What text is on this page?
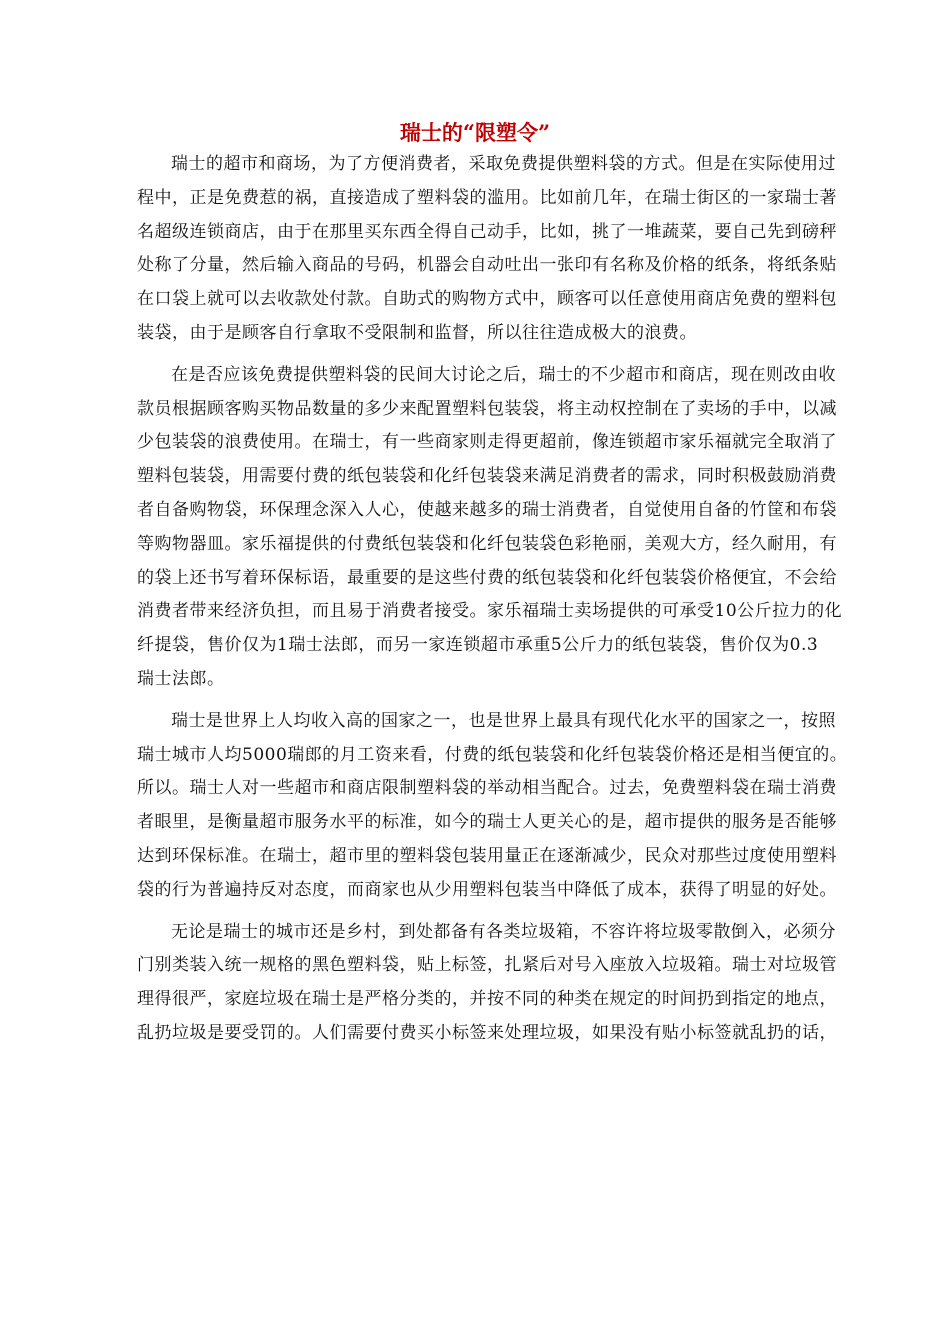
瑞士的“限塑令”
瑞士的超市和商场，为了方便消费者，采取免费提供塑料袋的方式。但是在实际使用过
程中，正是免费惹的祸，直接造成了塑料袋的滥用。比如前几年，在瑞士街区的一家瑞士著
名超级连锁商店，由于在那里买东西全得自己动手，比如，挑了一堆蔬菜，要自己先到磅秤
处称了分量，然后输入商品的号码，机器会自动吐出一张印有名称及价格的纸条，将纸条贴
在口袋上就可以去收款处付款。自助式的购物方式中，顾客可以任意使用商店免费的塑料包
装袋，由于是顾客自行拿取不受限制和监督，所以往往造成极大的浪费。
在是否应该免费提供塑料袋的民间大讨论之后，瑞士的不少超市和商店，现在则改由收
款员根据顾客购买物品数量的多少来配置塑料包装袋，将主动权控制在了卖场的手中，以减
少包装袋的浪费使用。在瑞士，有一些商家则走得更超前，像连锁超市家乐福就完全取消了
塑料包装袋，用需要付费的纸包装袋和化纤包装袋来满足消费者的需求，同时积极鼓励消费
者自备购物袋，环保理念深入人心，使越来越多的瑞士消费者，自觉使用自备的竹筐和布袋
等购物器皿。家乐福提供的付费纸包装袋和化纤包装袋色彩艳丽，美观大方，经久耐用，有
的袋上还书写着环保标语，最重要的是这些付费的纸包装袋和化纤包装袋价格便宜，不会给
消费者带来经济负担，而且易于消费者接受。家乐福瑞士卖场提供的可承受10公斤拉力的化
纤提袋，售价仅为1瑞士法郎，而另一家连锁超市承重5公斤力的纸包装袋，售价仅为0.3
瑞士法郎。
瑞士是世界上人均收入高的国家之一，也是世界上最具有现代化水平的国家之一，按照
瑞士城市人均5000瑞郎的月工资来看，付费的纸包装袋和化纤包装袋价格还是相当便宜的。
所以。瑞士人对一些超市和商店限制塑料袋的举动相当配合。过去，免费塑料袋在瑞士消费
者眼里，是衡量超市服务水平的标准，如今的瑞士人更关心的是，超市提供的服务是否能够
达到环保标准。在瑞士，超市里的塑料袋包装用量正在逐渐减少，民众对那些过度使用塑料
袋的行为普遍持反对态度，而商家也从少用塑料包装当中降低了成本，获得了明显的好处。
无论是瑞士的城市还是乡村，到处都备有各类垃圾箱，不容许将垃圾零散倒入，必须分
门别类装入统一规格的黑色塑料袋，贴上标签，扎紧后对号入座放入垃圾箱。瑞士对垃圾管
理得很严，家庭垃圾在瑞士是严格分类的，并按不同的种类在规定的时间扔到指定的地点，
乱扔垃圾是要受罚的。人们需要付费买小标签来处理垃圾，如果没有贴小标签就乱扔的话，
